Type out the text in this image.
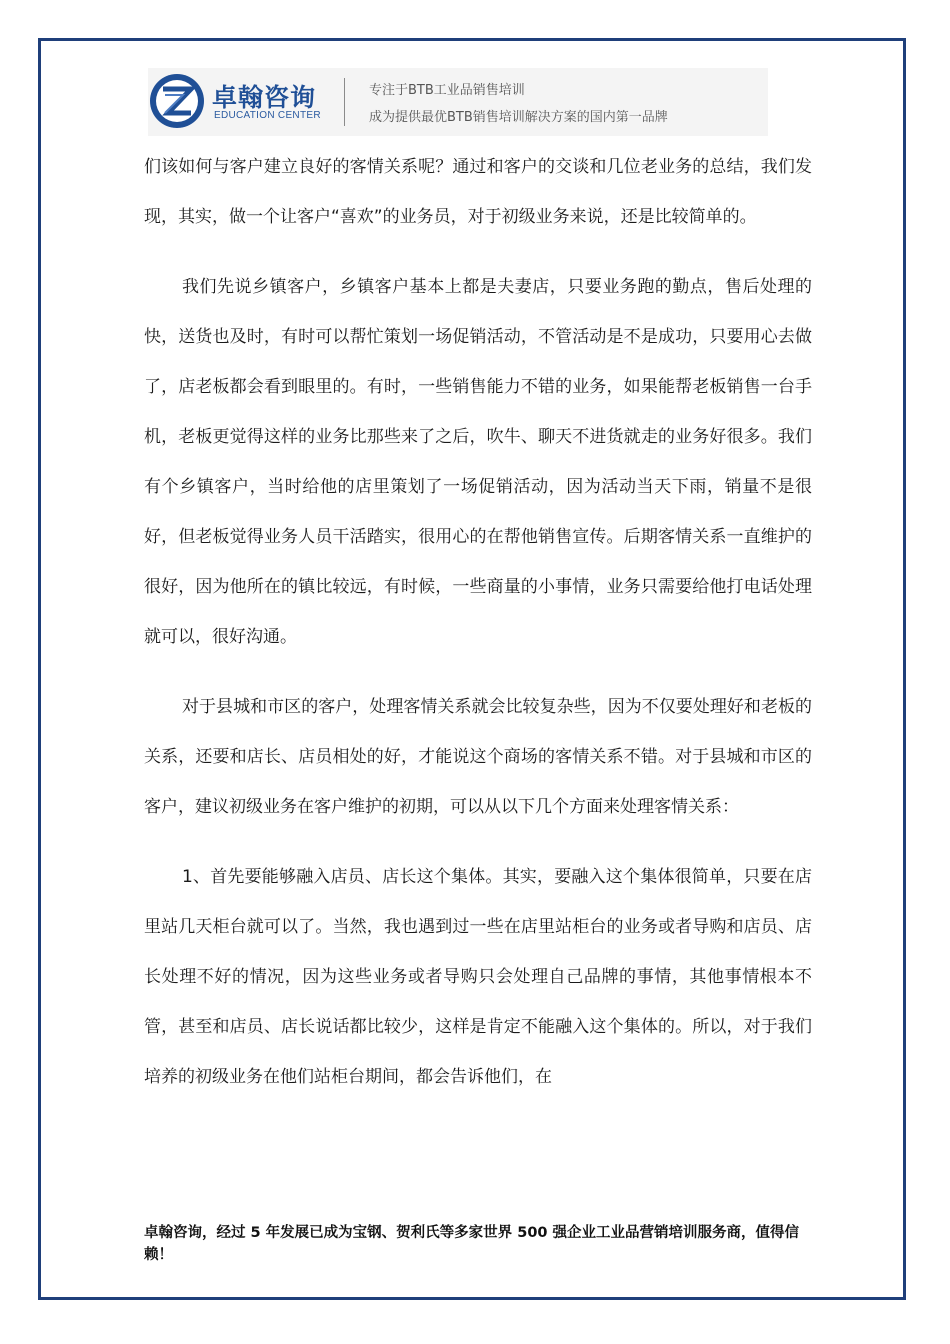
卓翰咨询
EDUCATION CENTER
专注于BTB工业品销售培训
成为提供最优BTB销售培训解决方案的国内第一品牌

们该如何与客户建立良好的客情关系呢？通过和客户的交谈和几位老业务的总结，我们发现，其实，做一个让客户“喜欢”的业务员，对于初级业务来说，还是比较简单的。

我们先说乡镇客户，乡镇客户基本上都是夫妻店，只要业务跑的勤点，售后处理的快，送货也及时，有时可以帮忙策划一场促销活动，不管活动是不是成功，只要用心去做了，店老板都会看到眼里的。有时，一些销售能力不错的业务，如果能帮老板销售一台手机，老板更觉得这样的业务比那些来了之后，吹牛、聊天不进货就走的业务好很多。我们有个乡镇客户，当时给他的店里策划了一场促销活动，因为活动当天下雨，销量不是很好，但老板觉得业务人员干活踏实，很用心的在帮他销售宣传。后期客情关系一直维护的很好，因为他所在的镇比较远，有时候，一些商量的小事情，业务只需要给他打电话处理就可以，很好沟通。

对于县城和市区的客户，处理客情关系就会比较复杂些，因为不仅要处理好和老板的关系，还要和店长、店员相处的好，才能说这个商场的客情关系不错。对于县城和市区的客户，建议初级业务在客户维护的初期，可以从以下几个方面来处理客情关系：

1、首先要能够融入店员、店长这个集体。其实，要融入这个集体很简单，只要在店里站几天柜台就可以了。当然，我也遇到过一些在店里站柜台的业务或者导购和店员、店长处理不好的情况，因为这些业务或者导购只会处理自己品牌的事情，其他事情根本不管，甚至和店员、店长说话都比较少，这样是肯定不能融入这个集体的。所以，对于我们培养的初级业务在他们站柜台期间，都会告诉他们，在

卓翰咨询，经过 5 年发展已成为宝钢、贺利氏等多家世界 500 强企业工业品营销培训服务商，值得信赖！
